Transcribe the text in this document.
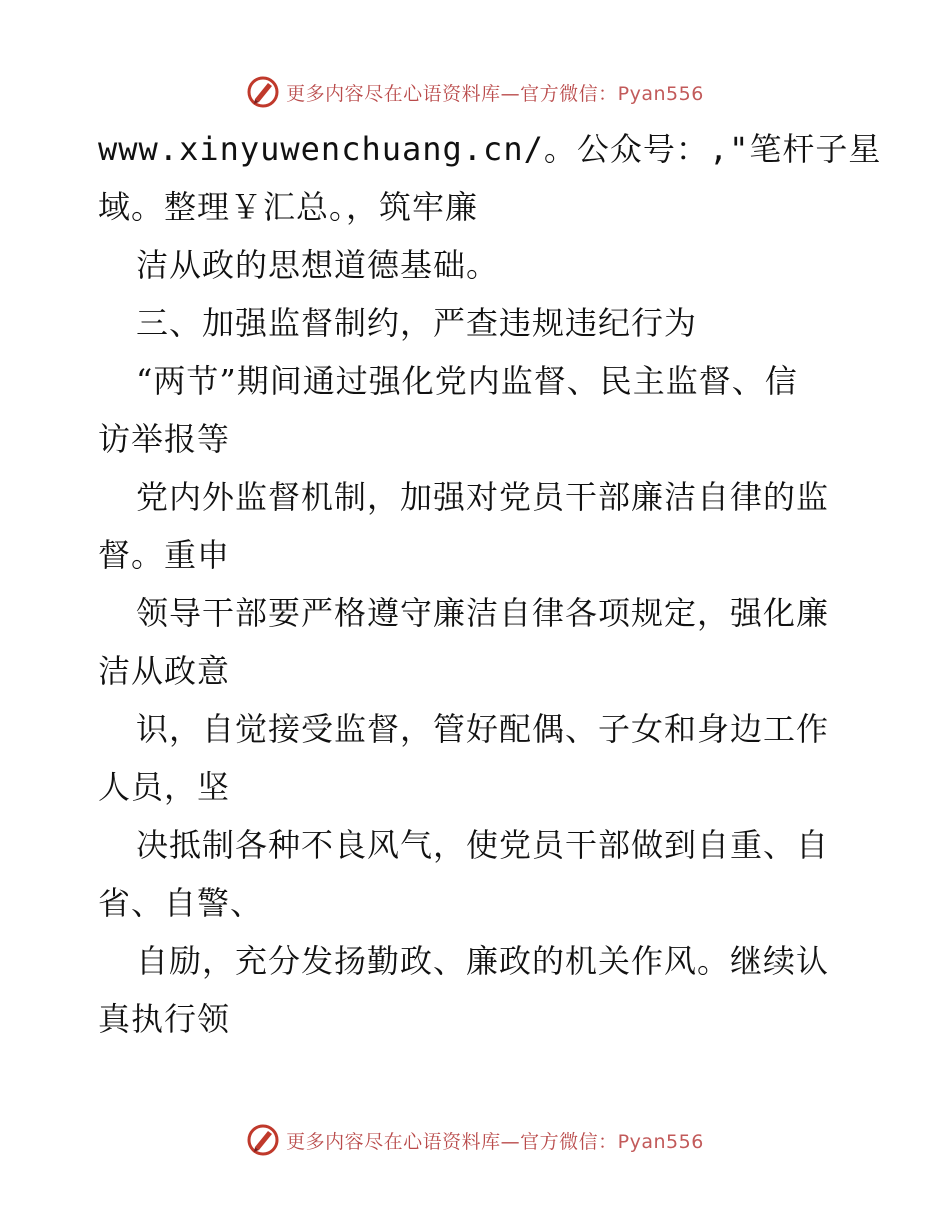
更多内容尽在心语资料库—官方微信：Pyan556
www.xinyuwenchuang.cn/。公众号：,"笔杆子星
域。整理￥汇总。，筑牢廉
洁从政的思想道德基础。
三、加强监督制约，严查违规违纪行为
“两节”期间通过强化党内监督、民主监督、信
访举报等
党内外监督机制，加强对党员干部廉洁自律的监
督。重申
领导干部要严格遵守廉洁自律各项规定，强化廉
洁从政意
识，自觉接受监督，管好配偶、子女和身边工作
人员，坚
决抵制各种不良风气，使党员干部做到自重、自
省、自警、
自励，充分发扬勤政、廉政的机关作风。继续认
真执行领
更多内容尽在心语资料库—官方微信：Pyan556
